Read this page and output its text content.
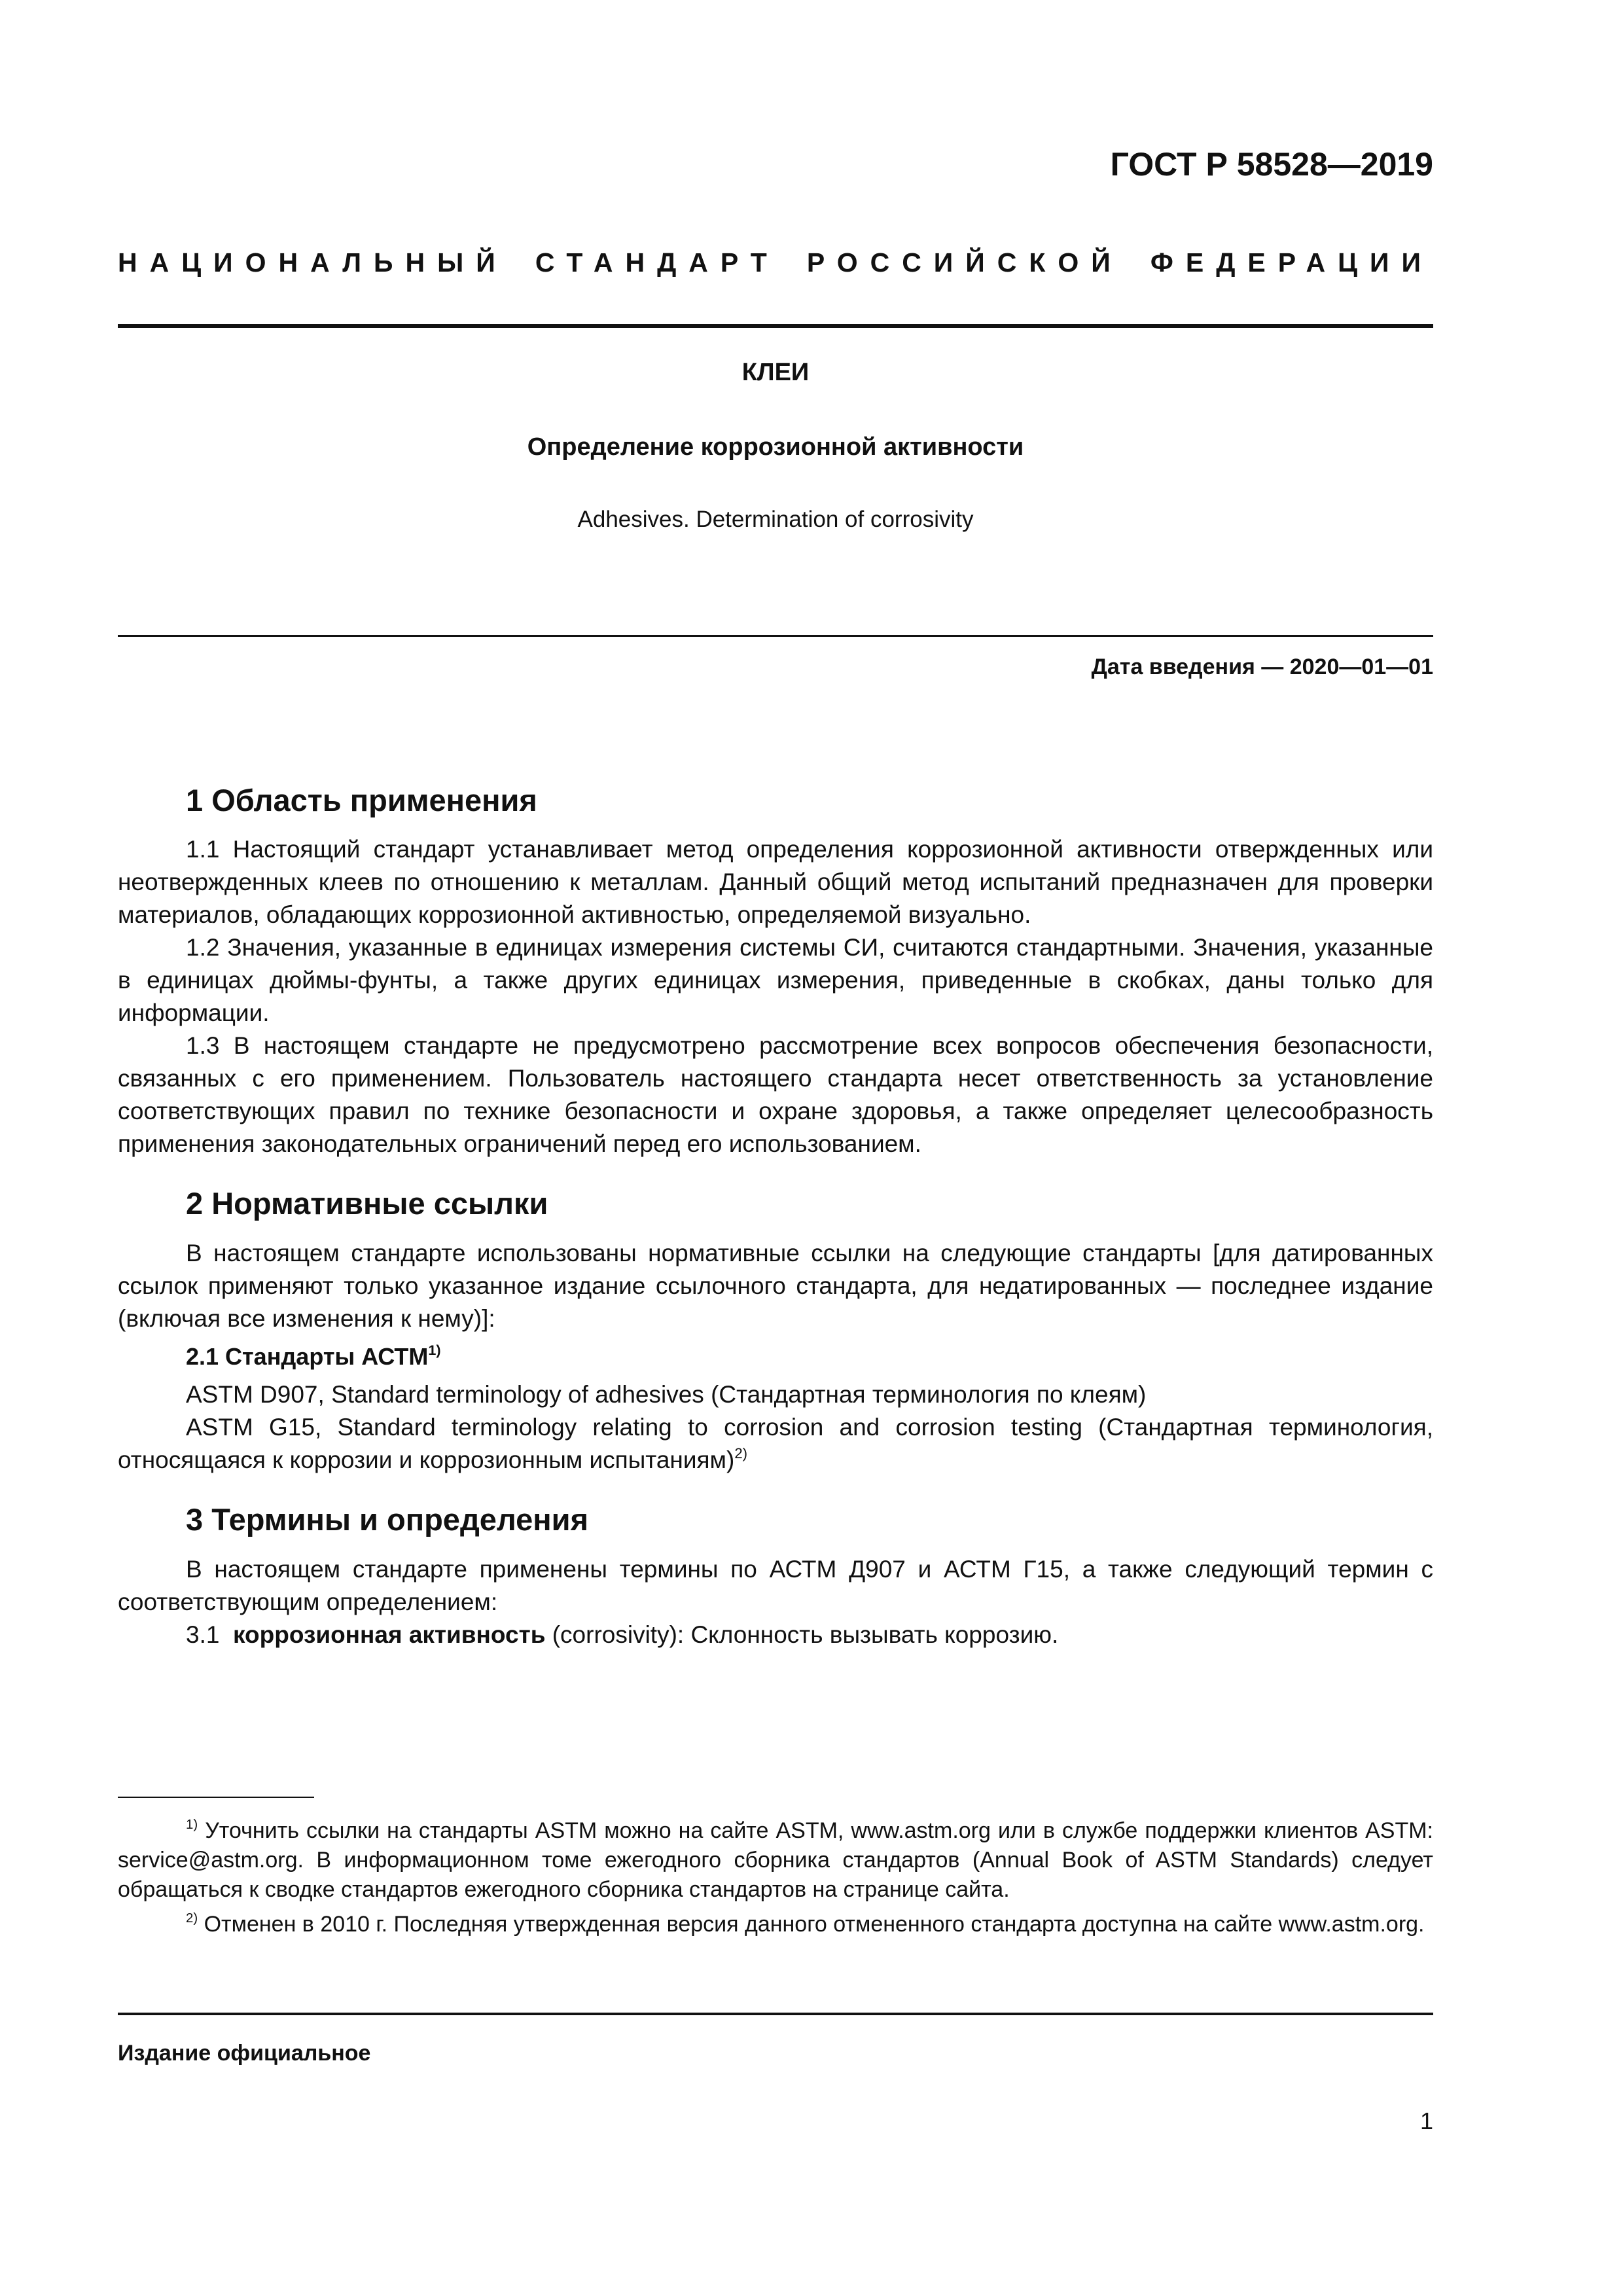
ГОСТ Р 58528—2019
НАЦИОНАЛЬНЫЙ СТАНДАРТ РОССИЙСКОЙ ФЕДЕРАЦИИ
КЛЕИ
Определение коррозионной активности
Adhesives. Determination of corrosivity
Дата введения — 2020—01—01
1 Область применения

1.1 Настоящий стандарт устанавливает метод определения коррозионной активности отвержденных или неотвержденных клеев по отношению к металлам. Данный общий метод испытаний предназначен для проверки материалов, обладающих коррозионной активностью, определяемой визуально.

1.2 Значения, указанные в единицах измерения системы СИ, считаются стандартными. Значения, указанные в единицах дюймы-фунты, а также других единицах измерения, приведенные в скобках, даны только для информации.

1.3 В настоящем стандарте не предусмотрено рассмотрение всех вопросов обеспечения безопасности, связанных с его применением. Пользователь настоящего стандарта несет ответственность за установление соответствующих правил по технике безопасности и охране здоровья, а также определяет целесообразность применения законодательных ограничений перед его использованием.

2 Нормативные ссылки

В настоящем стандарте использованы нормативные ссылки на следующие стандарты [для датированных ссылок применяют только указанное издание ссылочного стандарта, для недатированных — последнее издание (включая все изменения к нему)]:

2.1 Стандарты АСТМ$^{1)}$

ASTM D907, Standard terminology of adhesives (Стандартная терминология по клеям)

ASTM G15, Standard terminology relating to corrosion and corrosion testing (Стандартная терминология, относящаяся к коррозии и коррозионным испытаниям)$^{2)}$

3 Термины и определения

В настоящем стандарте применены термины по АСТМ Д907 и АСТМ Г15, а также следующий термин с соответствующим определением:

3.1 коррозионная активность (corrosivity): Склонность вызывать коррозию.

$^{1)}$ Уточнить ссылки на стандарты ASTM можно на сайте ASTM, www.astm.org или в службе поддержки клиентов ASTM: service@astm.org. В информационном томе ежегодного сборника стандартов (Annual Book of ASTM Standards) следует обращаться к сводке стандартов ежегодного сборника стандартов на странице сайта.

$^{2)}$ Отменен в 2010 г. Последняя утвержденная версия данного отмененного стандарта доступна на сайте www.astm.org.

Издание официальное
1
